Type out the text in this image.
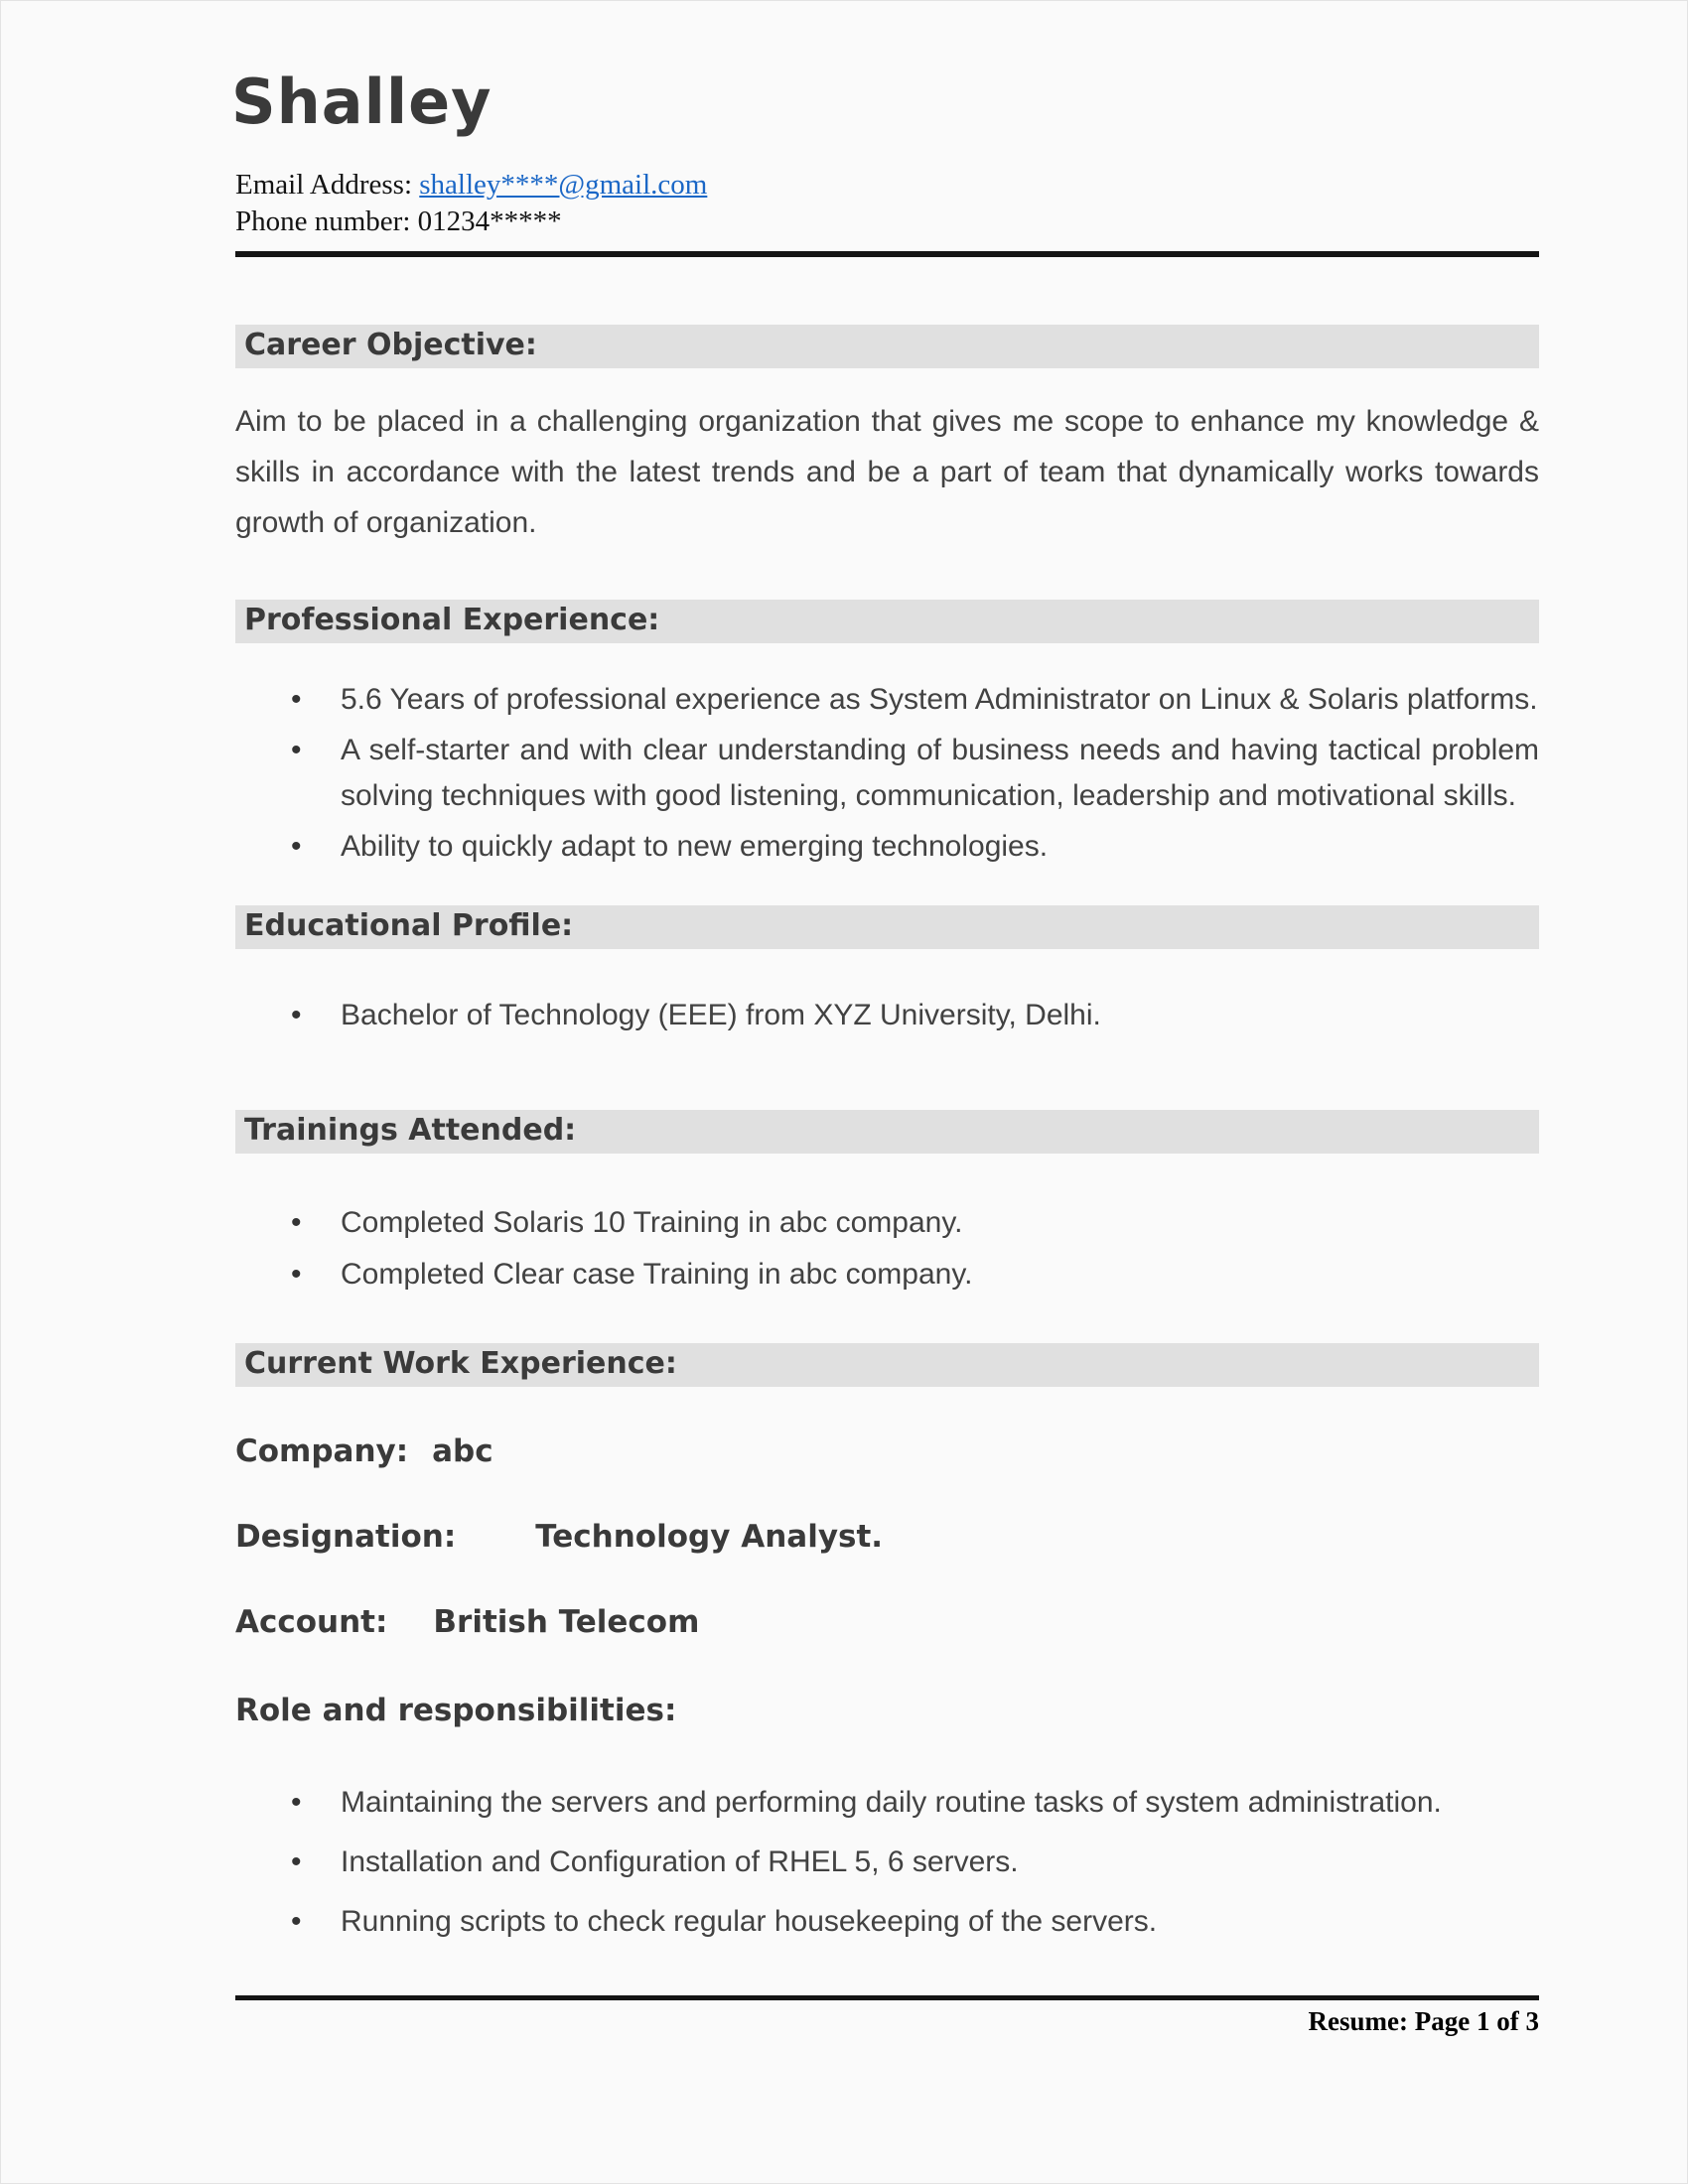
Shalley
Email Address: shalley****@gmail.com
Phone number: 01234*****
Career Objective:

Aim to be placed in a challenging organization that gives me scope to enhance my knowledge & skills in accordance with the latest trends and be a part of team that dynamically works towards growth of organization.

Professional Experience:
• 5.6 Years of professional experience as System Administrator on Linux & Solaris platforms.
• A self-starter and with clear understanding of business needs and having tactical problem solving techniques with good listening, communication, leadership and motivational skills.
• Ability to quickly adapt to new emerging technologies.
Educational Profile:
• Bachelor of Technology (EEE) from XYZ University, Delhi.
Trainings Attended:
• Completed Solaris 10 Training in abc company.
• Completed Clear case Training in abc company.
Current Work Experience:
Company: abc
Designation:	Technology Analyst.
Account: British Telecom
Role and responsibilities:
• Maintaining the servers and performing daily routine tasks of system administration.
• Installation and Configuration of RHEL 5, 6 servers.
• Running scripts to check regular housekeeping of the servers.
Resume: Page 1 of 3
